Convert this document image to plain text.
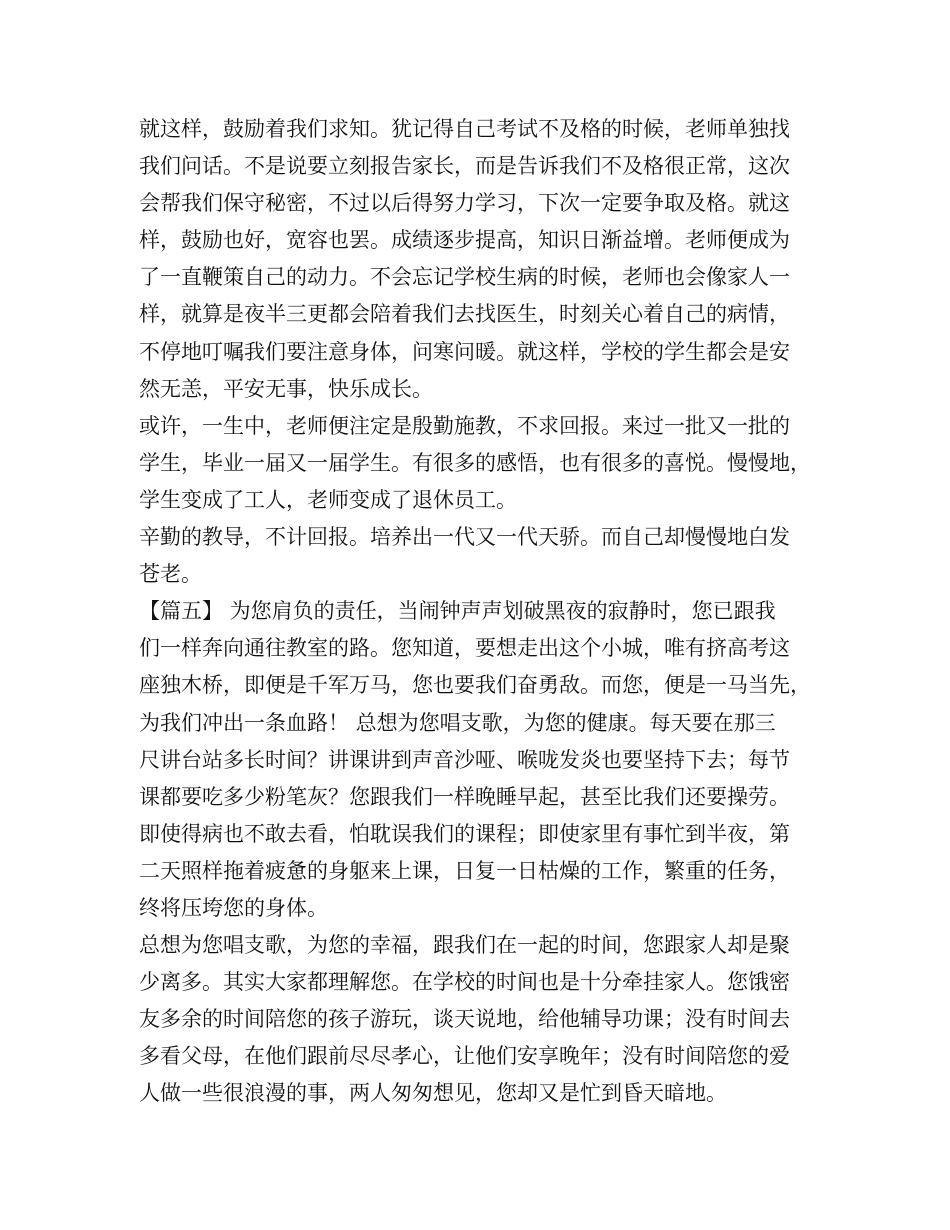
就这样，鼓励着我们求知。犹记得自己考试不及格的时候，老师单独找
我们问话。不是说要立刻报告家长，而是告诉我们不及格很正常，这次
会帮我们保守秘密，不过以后得努力学习，下次一定要争取及格。就这
样，鼓励也好，宽容也罢。成绩逐步提高，知识日渐益增。老师便成为
了一直鞭策自己的动力。不会忘记学校生病的时候，老师也会像家人一
样，就算是夜半三更都会陪着我们去找医生，时刻关心着自己的病情，
不停地叮嘱我们要注意身体，问寒问暖。就这样，学校的学生都会是安
然无恙，平安无事，快乐成长。
或许，一生中，老师便注定是殷勤施教，不求回报。来过一批又一批的
学生，毕业一届又一届学生。有很多的感悟，也有很多的喜悦。慢慢地，
学生变成了工人，老师变成了退休员工。
辛勤的教导，不计回报。培养出一代又一代天骄。而自己却慢慢地白发
苍老。
【篇五】 为您肩负的责任，当闹钟声声划破黑夜的寂静时，您已跟我
们一样奔向通往教室的路。您知道，要想走出这个小城，唯有挤高考这
座独木桥，即便是千军万马，您也要我们奋勇敌。而您，便是一马当先，
为我们冲出一条血路！ 总想为您唱支歌，为您的健康。每天要在那三
尺讲台站多长时间？讲课讲到声音沙哑、喉咙发炎也要坚持下去；每节
课都要吃多少粉笔灰？您跟我们一样晚睡早起，甚至比我们还要操劳。
即使得病也不敢去看，怕耽误我们的课程；即使家里有事忙到半夜，第
二天照样拖着疲惫的身躯来上课，日复一日枯燥的工作，繁重的任务，
终将压垮您的身体。
总想为您唱支歌，为您的幸福，跟我们在一起的时间，您跟家人却是聚
少离多。其实大家都理解您。在学校的时间也是十分牵挂家人。您饿密
友多余的时间陪您的孩子游玩，谈天说地，给他辅导功课；没有时间去
多看父母，在他们跟前尽尽孝心，让他们安享晚年；没有时间陪您的爱
人做一些很浪漫的事，两人匆匆想见，您却又是忙到昏天暗地。
